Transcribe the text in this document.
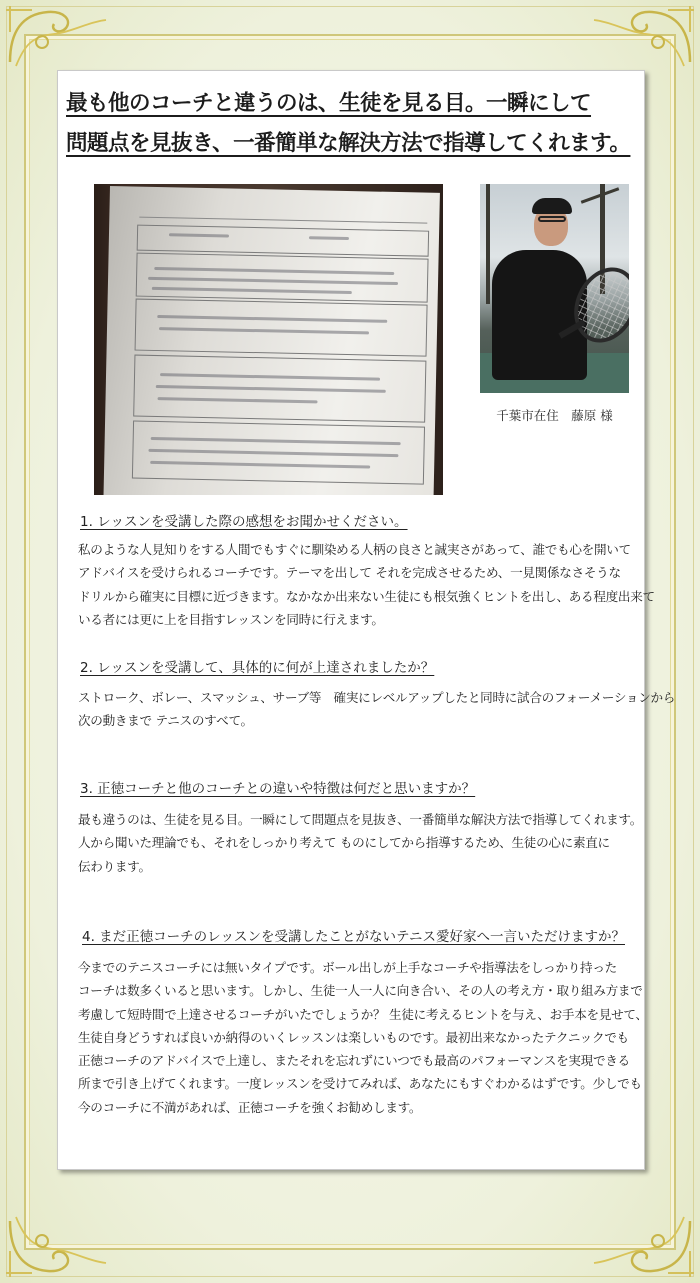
最も他のコーチと違うのは、生徒を見る目。一瞬にして
問題点を見抜き、一番簡単な解決方法で指導してくれます。
千葉市在住　藤原 様
1. レッスンを受講した際の感想をお聞かせください。
私のような人見知りをする人間でもすぐに馴染める人柄の良さと誠実さがあって、誰でも心を開いて
アドバイスを受けられるコーチです。テーマを出して それを完成させるため、一見関係なさそうな
ドリルから確実に目標に近づきます。なかなか出来ない生徒にも根気強くヒントを出し、ある程度出来て
いる者には更に上を目指すレッスンを同時に行えます。
2. レッスンを受講して、具体的に何が上達されましたか？
ストローク、ボレー、スマッシュ、サーブ等　確実にレベルアップしたと同時に試合のフォーメーションから
次の動きまで テニスのすべて。
3. 正徳コーチと他のコーチとの違いや特徴は何だと思いますか？
最も違うのは、生徒を見る目。一瞬にして問題点を見抜き、一番簡単な解決方法で指導してくれます。
人から聞いた理論でも、それをしっかり考えて ものにしてから指導するため、生徒の心に素直に
伝わります。
4. まだ正徳コーチのレッスンを受講したことがないテニス愛好家へ一言いただけますか？
今までのテニスコーチには無いタイプです。ボール出しが上手なコーチや指導法をしっかり持った
コーチは数多くいると思います。しかし、生徒一人一人に向き合い、その人の考え方・取り組み方まで
考慮して短時間で上達させるコーチがいたでしょうか？ 生徒に考えるヒントを与え、お手本を見せて、
生徒自身どうすれば良いか納得のいくレッスンは楽しいものです。最初出来なかったテクニックでも
正徳コーチのアドバイスで上達し、またそれを忘れずにいつでも最高のパフォーマンスを実現できる
所まで引き上げてくれます。一度レッスンを受けてみれば、あなたにもすぐわかるはずです。少しでも
今のコーチに不満があれば、正徳コーチを強くお勧めします。
